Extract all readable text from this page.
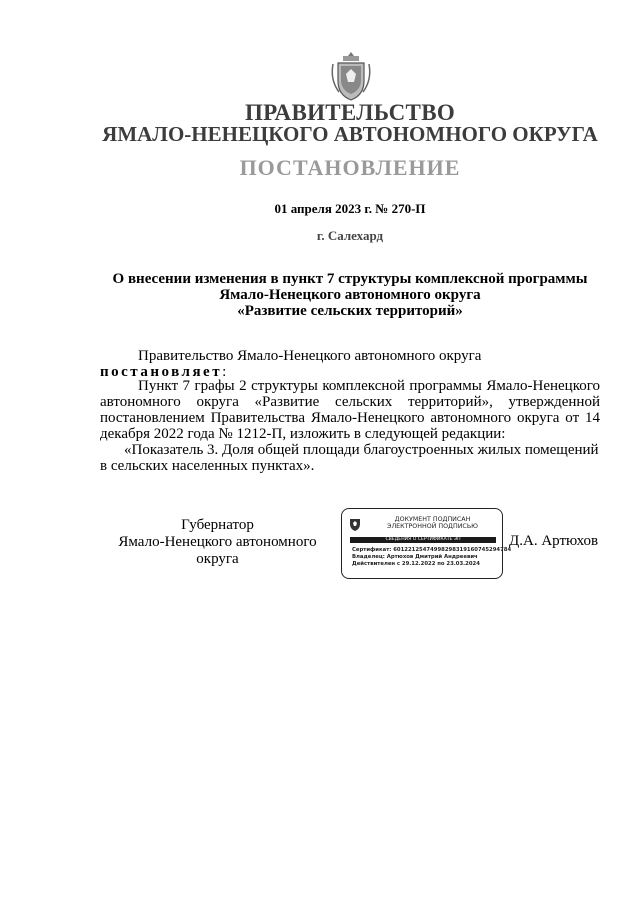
ПРАВИТЕЛЬСТВО
ЯМАЛО-НЕНЕЦКОГО АВТОНОМНОГО ОКРУГА
ПОСТАНОВЛЕНИЕ
01 апреля 2023 г. № 270-П
г. Салехард
О внесении изменения в пункт 7 структуры комплексной программы
Ямало-Ненецкого автономного округа
«Развитие сельских территорий»
Правительство Ямало-Ненецкого автономного округа постановляет:
Пункт 7 графы 2 структуры комплексной программы Ямало-Ненецкого автономного округа «Развитие сельских территорий», утвержденной постановлением Правительства Ямало-Ненецкого автономного округа от 14 декабря 2022 года № 1212-П, изложить в следующей редакции:
«Показатель 3. Доля общей площади благоустроенных жилых помещений в сельских населенных пунктах».
Губернатор
Ямало-Ненецкого автономного округа
ДОКУМЕНТ ПОДПИСАН
ЭЛЕКТРОННОЙ ПОДПИСЬЮ
СВЕДЕНИЯ О СЕРТИФИКАТЕ ЭП
Сертификат: 60122125474998298319160745294784
Владелец: Артюхов Дмитрий Андреевич
Действителен с 29.12.2022 по 23.03.2024
Д.А. Артюхов
